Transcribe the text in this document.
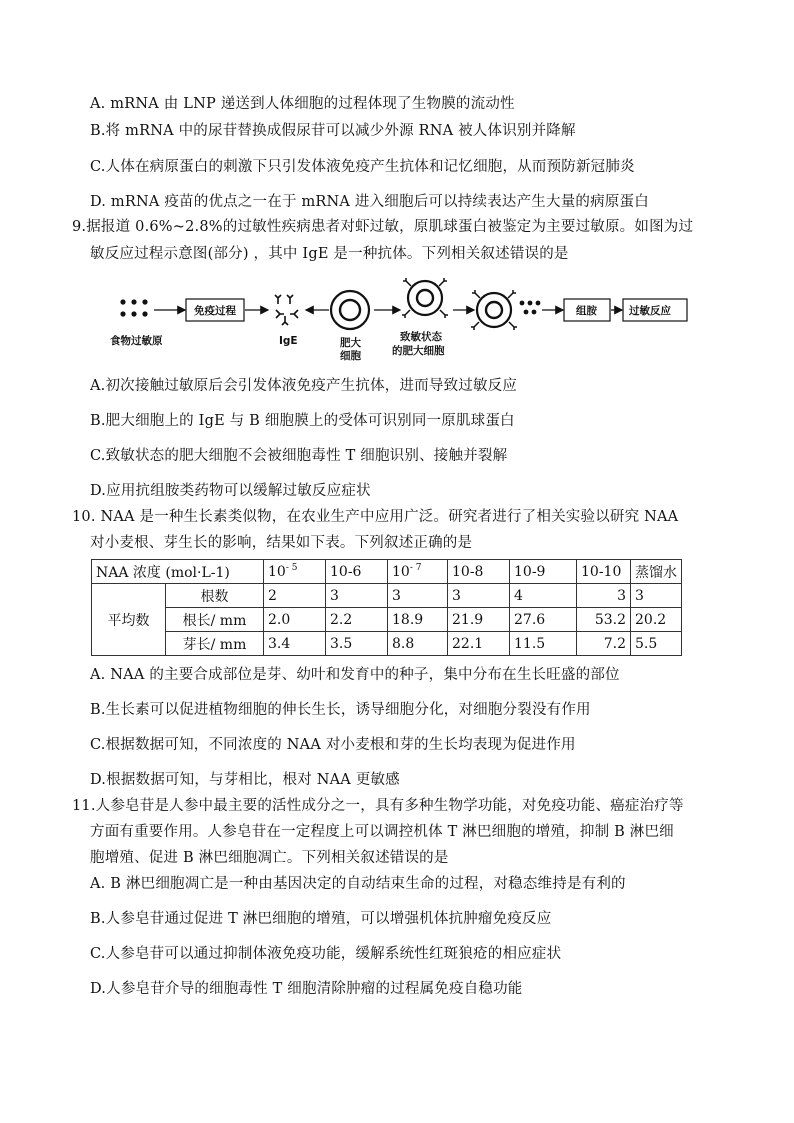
A. mRNA 由 LNP 递送到人体细胞的过程体现了生物膜的流动性
B.将 mRNA 中的尿苷替换成假尿苷可以减少外源 RNA 被人体识别并降解
C.人体在病原蛋白的刺激下只引发体液免疫产生抗体和记忆细胞，从而预防新冠肺炎
D. mRNA 疫苗的优点之一在于 mRNA 进入细胞后可以持续表达产生大量的病原蛋白
9.据报道 0.6%~2.8%的过敏性疾病患者对虾过敏，原肌球蛋白被鉴定为主要过敏原。如图为过
敏反应过程示意图(部分) ，其中 IgE 是一种抗体。下列相关叙述错误的是
食物过敏原
免疫过程
IgE	肥大
细胞
致敏状态
的肥大细胞
组胺	过敏反应
A.初次接触过敏原后会引发体液免疫产生抗体，进而导致过敏反应
B.肥大细胞上的 IgE 与 B 细胞膜上的受体可识别同一原肌球蛋白
C.致敏状态的肥大细胞不会被细胞毒性 T 细胞识别、接触并裂解
D.应用抗组胺类药物可以缓解过敏反应症状
10. NAA 是一种生长素类似物，在农业生产中应用广泛。研究者进行了相关实验以研究 NAA
对小麦根、芽生长的影响，结果如下表。下列叙述正确的是
NAA 浓度 (mol·L-1)		$10^{- 5}$	10-6	$10^{- 7}$	10-8	10-9	10-10	蒸馏水
平均数	根数	2	3	3	3	4	3	3
	根长/ mm	2.0	2.2	18.9	21.9	27.6	53.2	20.2
	芽长/ mm	3.4	3.5	8.8	22.1	11.5	7.2	5.5
A. NAA 的主要合成部位是芽、幼叶和发育中的种子，集中分布在生长旺盛的部位
B.生长素可以促进植物细胞的伸长生长，诱导细胞分化，对细胞分裂没有作用
C.根据数据可知，不同浓度的 NAA 对小麦根和芽的生长均表现为促进作用
D.根据数据可知，与芽相比，根对 NAA 更敏感
11.人参皂苷是人参中最主要的活性成分之一，具有多种生物学功能，对免疫功能、癌症治疗等
方面有重要作用。人参皂苷在一定程度上可以调控机体 T 淋巴细胞的增殖，抑制 B 淋巴细
胞增殖、促进 B 淋巴细胞凋亡。下列相关叙述错误的是
A. B 淋巴细胞凋亡是一种由基因决定的自动结束生命的过程，对稳态维持是有利的
B.人参皂苷通过促进 T 淋巴细胞的增殖，可以增强机体抗肿瘤免疫反应
C.人参皂苷可以通过抑制体液免疫功能，缓解系统性红斑狼疮的相应症状
D.人参皂苷介导的细胞毒性 T 细胞清除肿瘤的过程属免疫自稳功能
